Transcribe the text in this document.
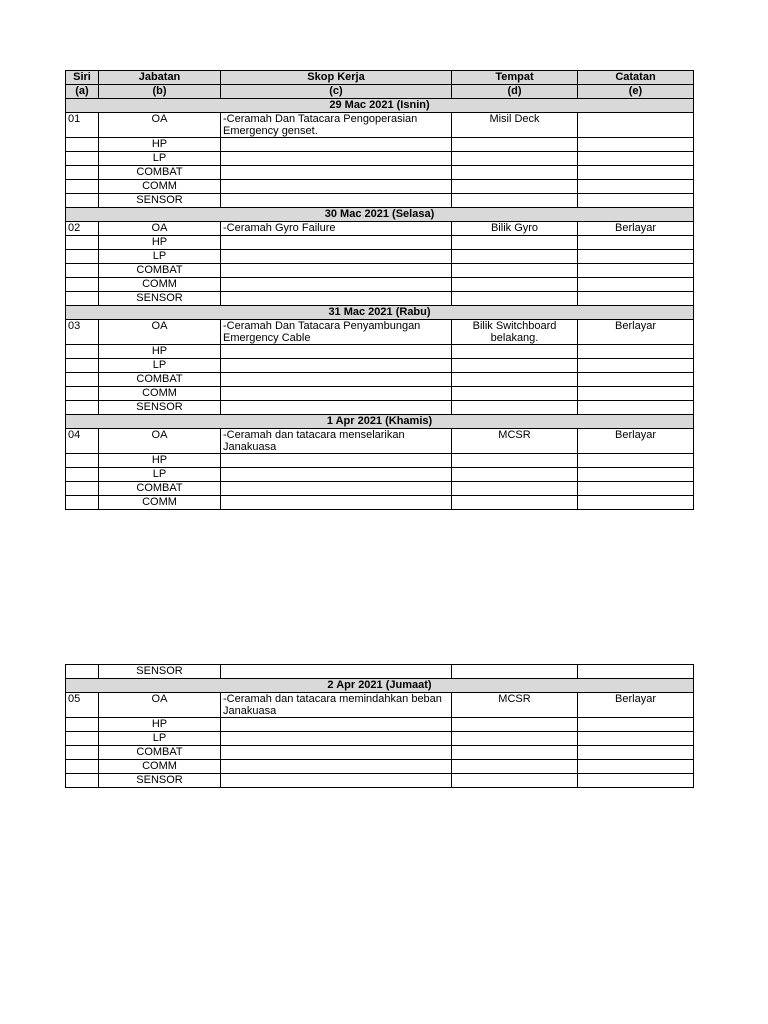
Siri	Jabatan	Skop Kerja	Tempat	Catatan
(a)	(b)	(c)	(d)	(e)
29 Mac 2021 (Isnin)				
01	OA	-Ceramah Dan Tatacara Pengoperasian Emergency genset.	Misil Deck	
	HP			
	LP			
	COMBAT			
	COMM			
	SENSOR			
30 Mac 2021 (Selasa)				
02	OA	-Ceramah Gyro Failure	Bilik Gyro	Berlayar
	HP			
	LP			
	COMBAT			
	COMM			
	SENSOR			
31 Mac 2021 (Rabu)				
03	OA	-Ceramah Dan Tatacara Penyambungan Emergency Cable	Bilik Switchboard belakang.	Berlayar
	HP			
	LP			
	COMBAT			
	COMM			
	SENSOR			
1 Apr 2021 (Khamis)				
04	OA	-Ceramah dan tatacara menselarikan Janakuasa	MCSR	Berlayar
	HP			
	LP			
	COMBAT			
	COMM			
	SENSOR			
2 Apr 2021 (Jumaat)				
05	OA	-Ceramah dan tatacara memindahkan beban Janakuasa	MCSR	Berlayar
	HP			
	LP			
	COMBAT			
	COMM			
	SENSOR			
